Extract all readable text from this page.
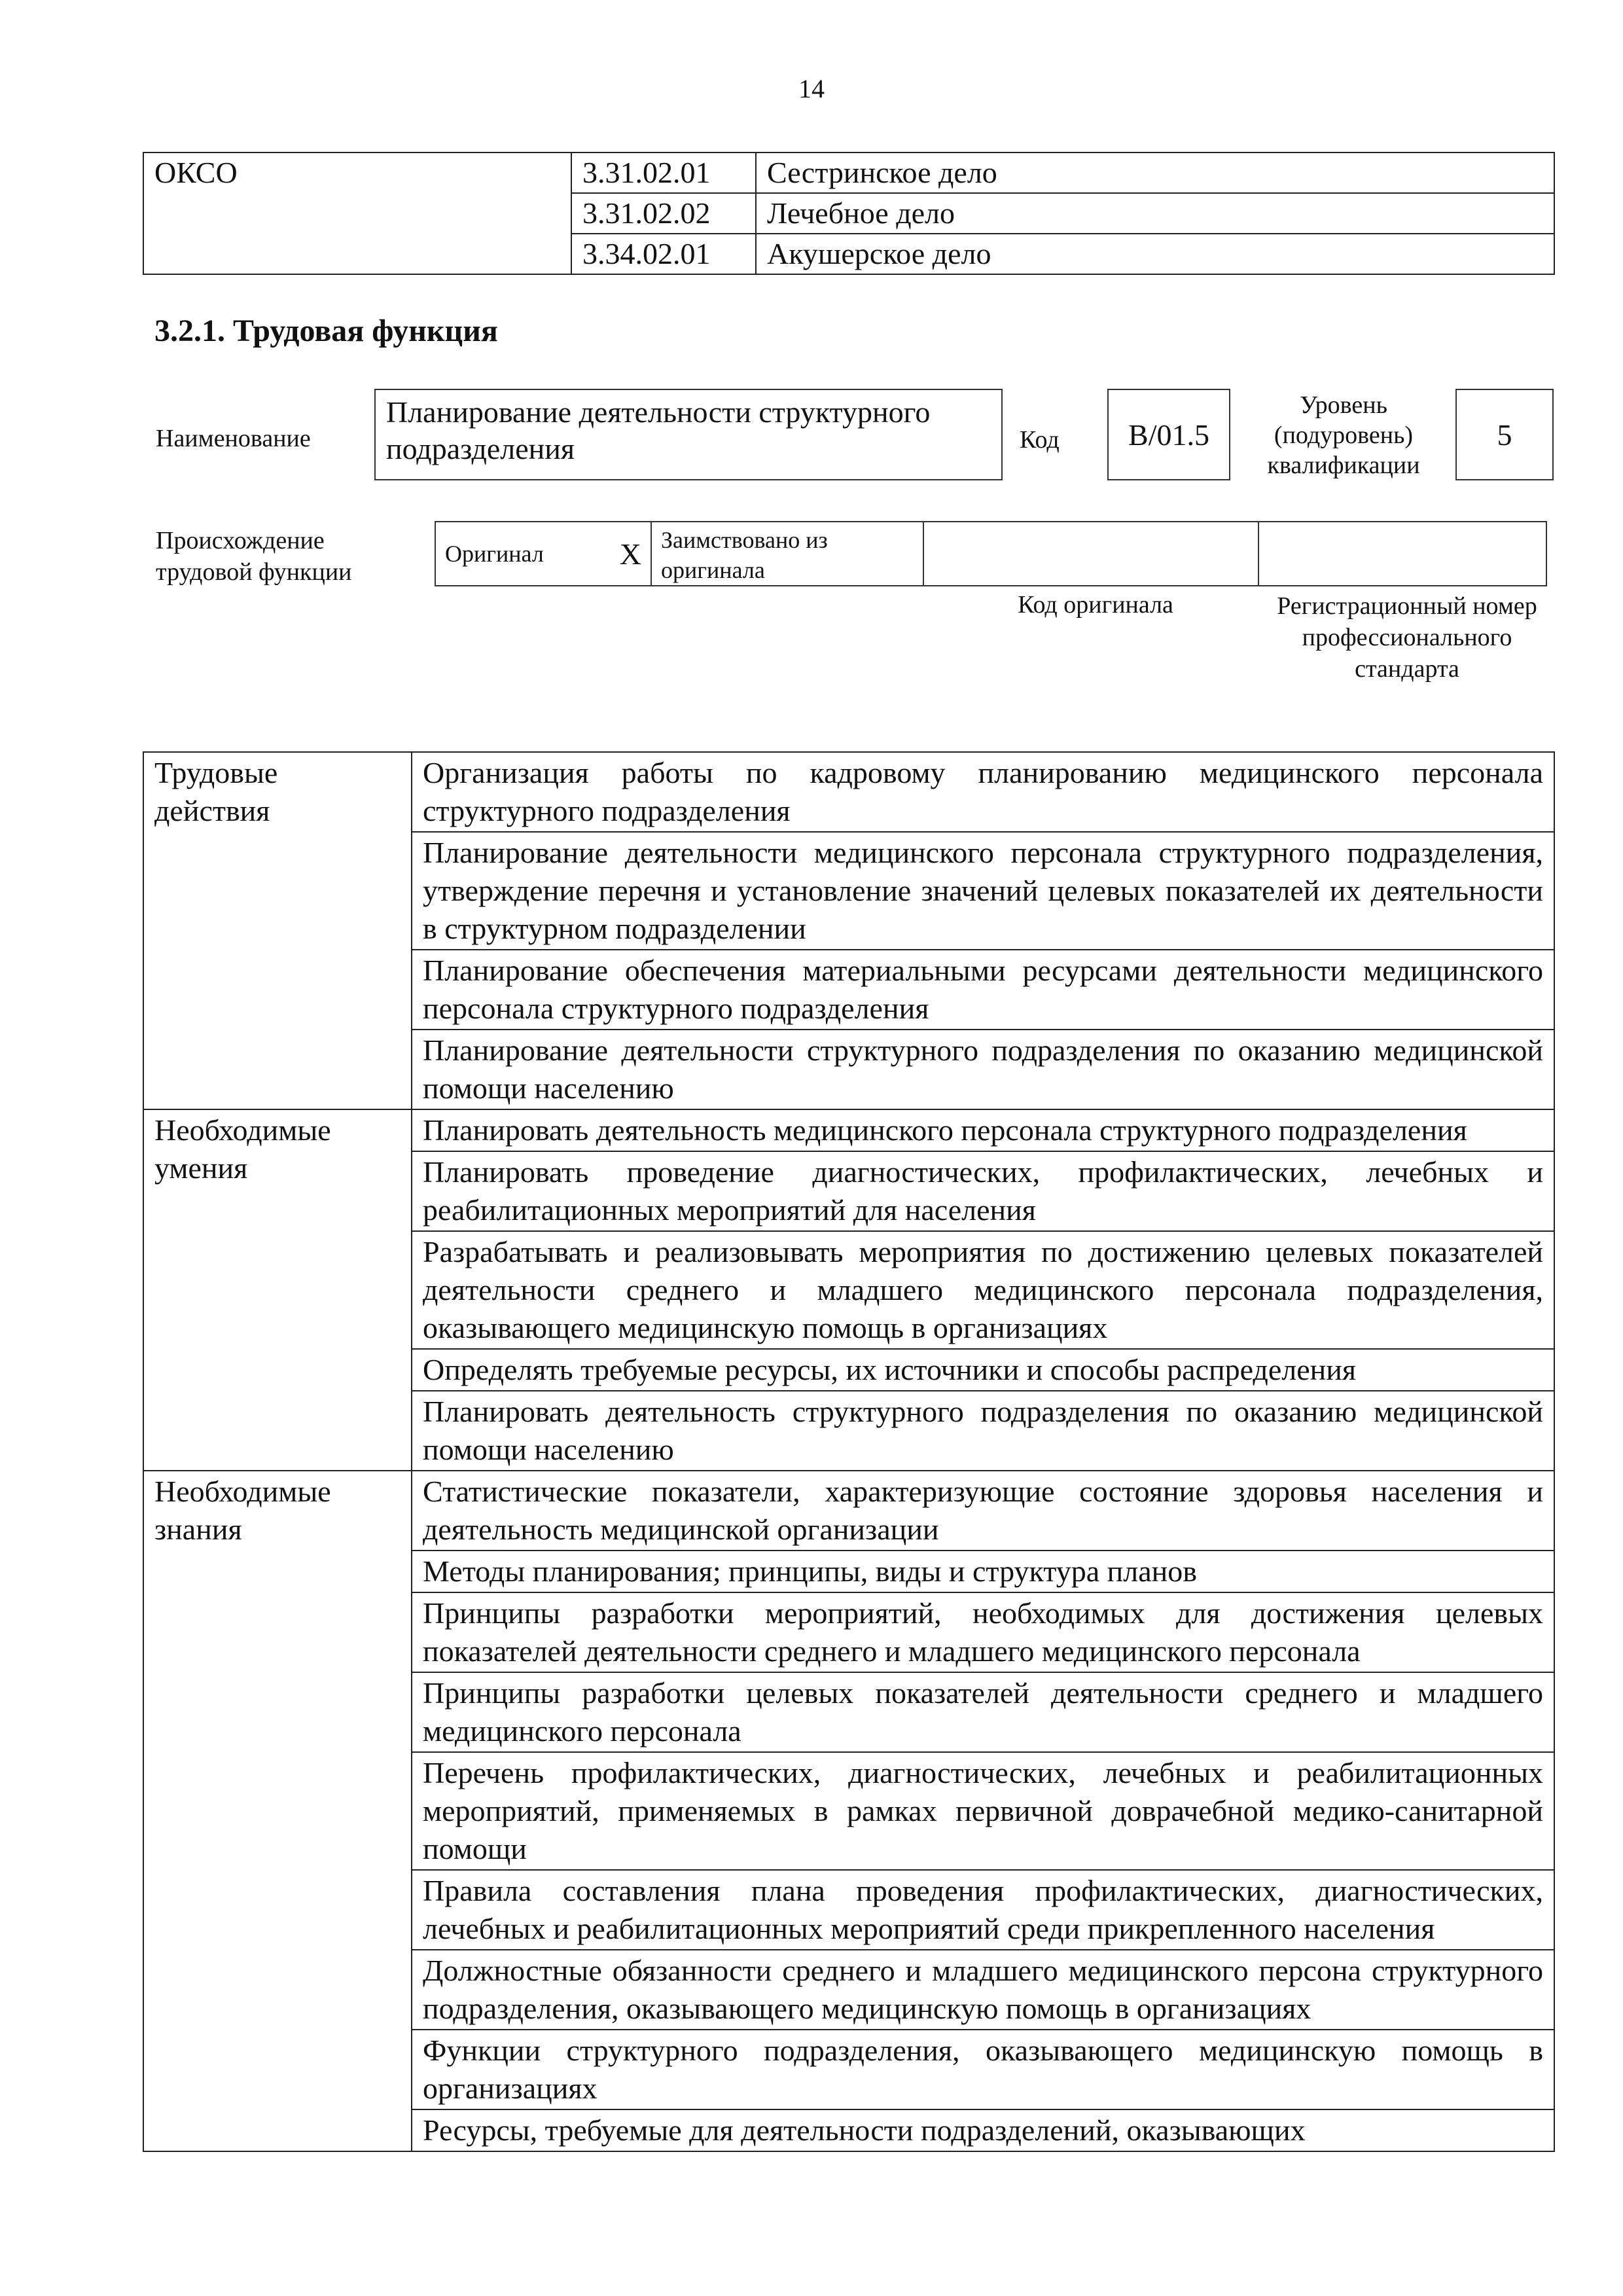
14
ОКСО	3.31.02.01	Сестринское дело
	3.31.02.02	Лечебное дело
	3.34.02.01	Акушерское дело
3.2.1. Трудовая функция
Наименование
Планирование деятельности структурного подразделения	Код	B/01.5
Уровень (подуровень) квалификации
5
Происхождение трудовой функции
Оригинал	X	Заимствовано из оригинала		
Код оригинала	Регистрационный номер профессионального стандарта
Трудовые действия	Организация работы по кадровому планированию медицинского персонала структурного подразделения
	Планирование деятельности медицинского персонала структурного подразделения, утверждение перечня и установление значений целевых показателей их деятельности в структурном подразделении
	Планирование обеспечения материальными ресурсами деятельности медицинского персонала структурного подразделения
	Планирование деятельности структурного подразделения по оказанию медицинской помощи населению
Необходимые умения	Планировать деятельность медицинского персонала структурного подразделения
	Планировать проведение диагностических, профилактических, лечебных и реабилитационных мероприятий для населения
	Разрабатывать и реализовывать мероприятия по достижению целевых показателей деятельности среднего и младшего медицинского персонала подразделения, оказывающего медицинскую помощь в организациях
	Определять требуемые ресурсы, их источники и способы распределения
	Планировать деятельность структурного подразделения по оказанию медицинской помощи населению
Необходимые знания	Статистические показатели, характеризующие состояние здоровья населения и деятельность медицинской организации
	Методы планирования; принципы, виды и структура планов
	Принципы разработки мероприятий, необходимых для достижения целевых показателей деятельности среднего и младшего медицинского персонала
	Принципы разработки целевых показателей деятельности среднего и младшего медицинского персонала
	Перечень профилактических, диагностических, лечебных и реабилитационных мероприятий, применяемых в рамках первичной доврачебной медико-санитарной помощи
	Правила составления плана проведения профилактических, диагностических, лечебных и реабилитационных мероприятий среди прикрепленного населения
	Должностные обязанности среднего и младшего медицинского персона структурного подразделения, оказывающего медицинскую помощь в организациях
	Функции структурного подразделения, оказывающего медицинскую помощь в организациях
	Ресурсы, требуемые для деятельности подразделений, оказывающих
